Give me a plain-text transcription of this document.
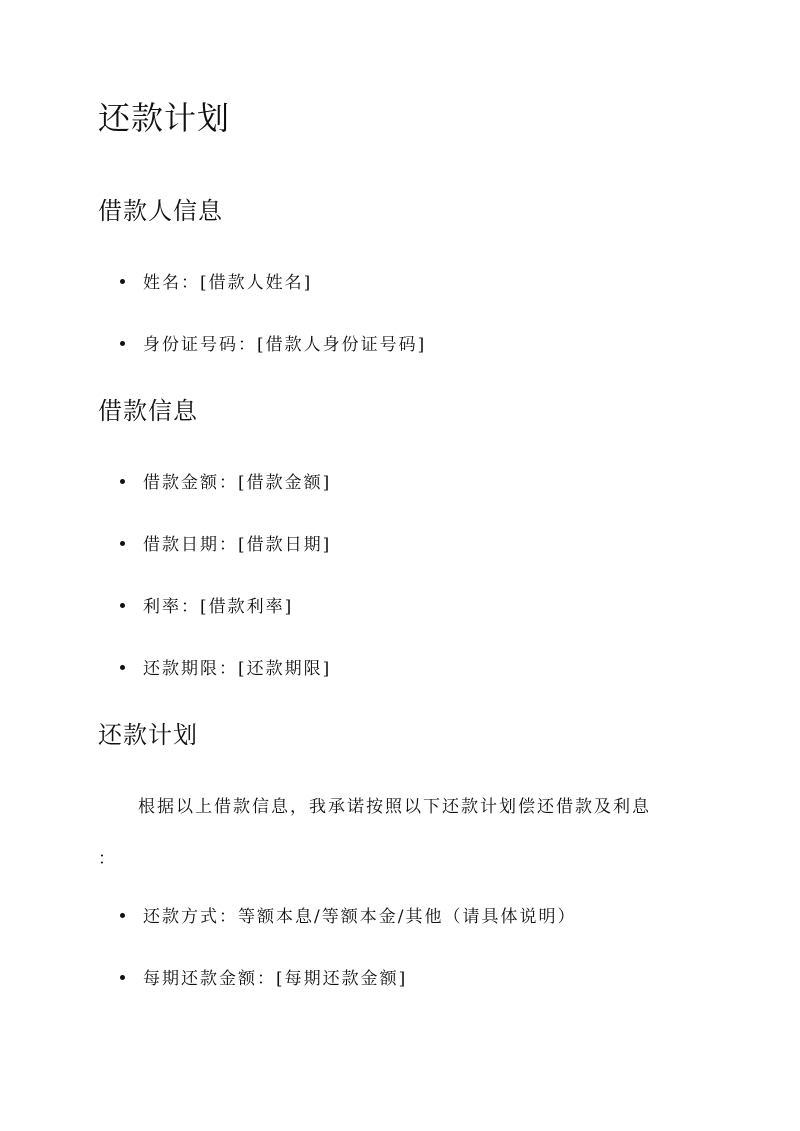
还款计划
借款人信息
姓名：[借款人姓名]
身份证号码：[借款人身份证号码]
借款信息
借款金额：[借款金额]
借款日期：[借款日期]
利率：[借款利率]
还款期限：[还款期限]
还款计划
根据以上借款信息，我承诺按照以下还款计划偿还借款及利息
：
还款方式：等额本息/等额本金/其他（请具体说明）
每期还款金额：[每期还款金额]
